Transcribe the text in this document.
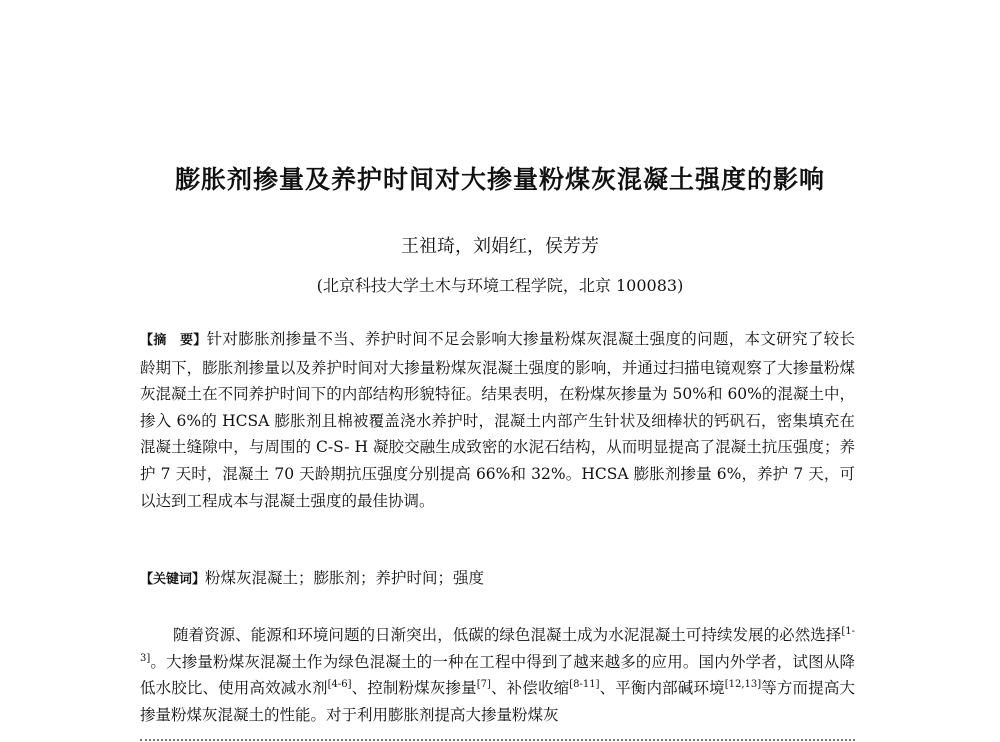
膨胀剂掺量及养护时间对大掺量粉煤灰混凝土强度的影响
王祖琦，刘娟红，侯芳芳
(北京科技大学土木与环境工程学院，北京 100083)
【摘　要】针对膨胀剂掺量不当、养护时间不足会影响大掺量粉煤灰混凝土强度的问题，本文研究了较长龄期下，膨胀剂掺量以及养护时间对大掺量粉煤灰混凝土强度的影响，并通过扫描电镜观察了大掺量粉煤灰混凝土在不同养护时间下的内部结构形貌特征。结果表明，在粉煤灰掺量为 50%和 60%的混凝土中，掺入 6%的 HCSA 膨胀剂且棉被覆盖浇水养护时，混凝土内部产生针状及细棒状的钙矾石，密集填充在混凝土缝隙中，与周围的 C-S- H 凝胶交融生成致密的水泥石结构，从而明显提高了混凝土抗压强度；养护 7 天时，混凝土 70 天龄期抗压强度分别提高 66%和 32%。HCSA 膨胀剂掺量 6%，养护 7 天，可以达到工程成本与混凝土强度的最佳协调。
【关键词】粉煤灰混凝土；膨胀剂；养护时间；强度
随着资源、能源和环境问题的日渐突出，低碳的绿色混凝土成为水泥混凝土可持续发展的必然选择[1-3]。大掺量粉煤灰混凝土作为绿色混凝土的一种在工程中得到了越来越多的应用。国内外学者，试图从降低水胶比、使用高效减水剂[4-6]、控制粉煤灰掺量[7]、补偿收缩[8-11]、平衡内部碱环境[12,13]等方而提高大掺量粉煤灰混凝土的性能。对于利用膨胀剂提高大掺量粉煤灰
